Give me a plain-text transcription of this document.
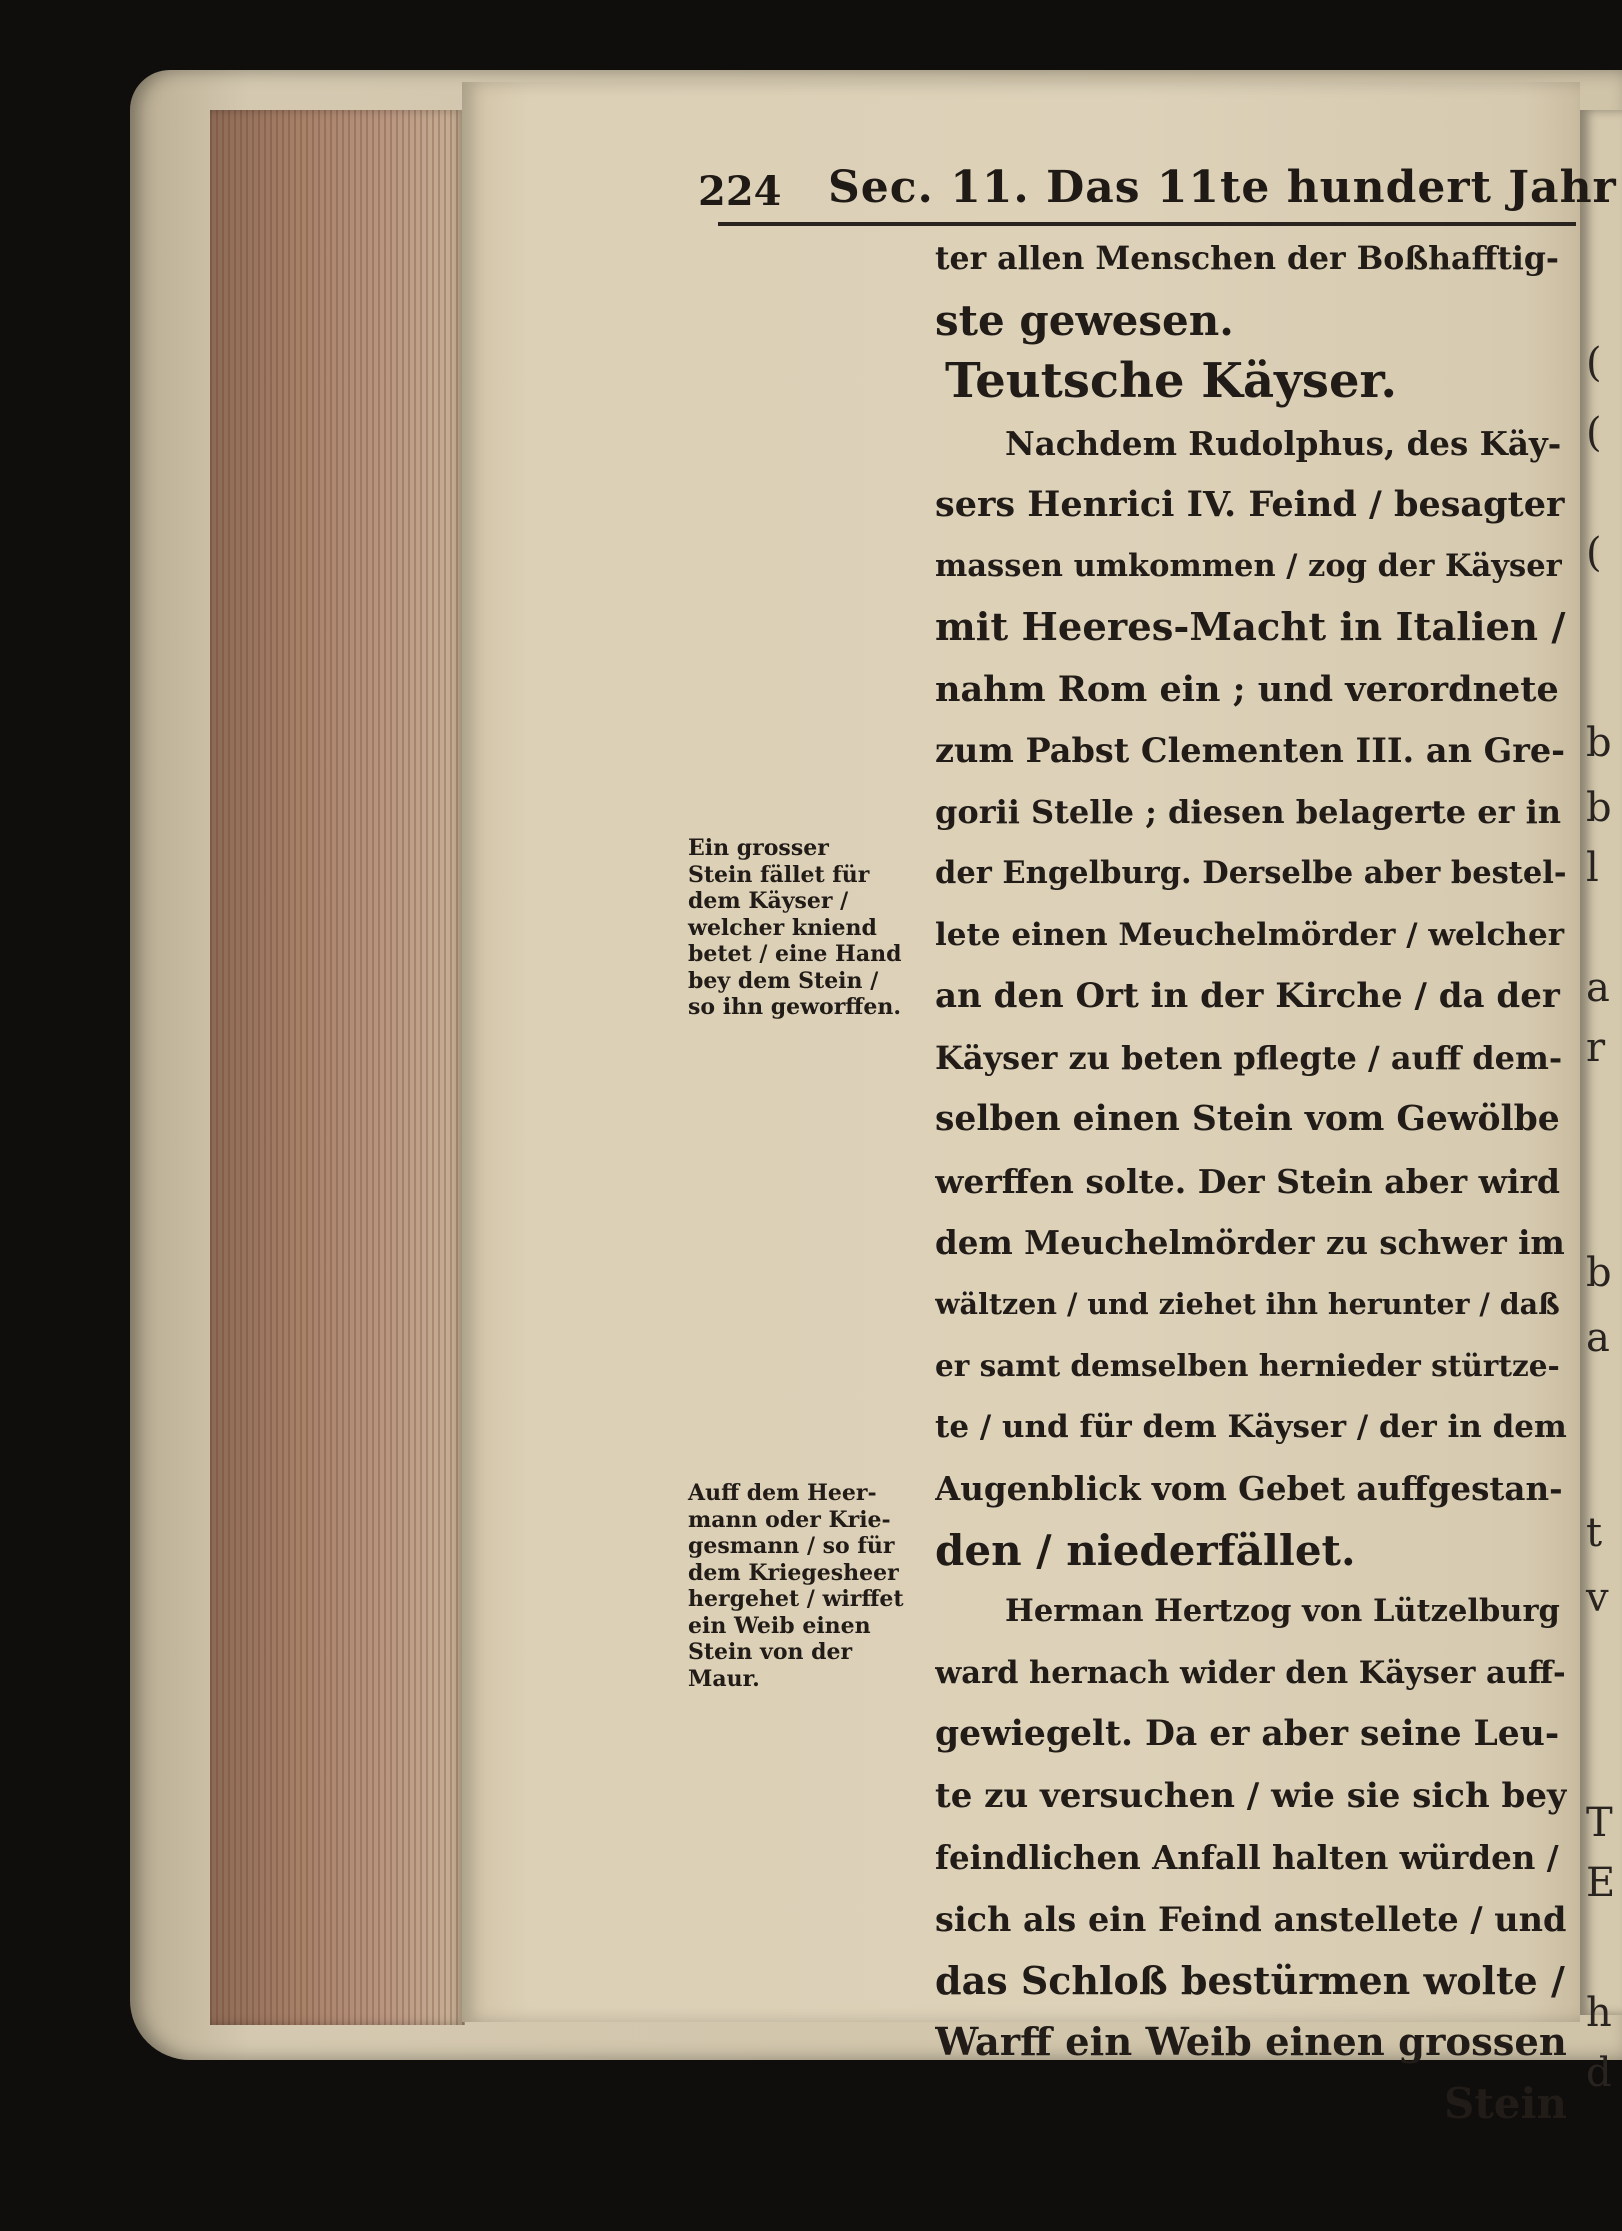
(
(
(
b
b
l
a
r
b
a
t
v
T
E
h
d
224 Sec. 11. Das 11te hundert Jahr
Ein grosser
Stein fället für
dem Käyser /
welcher kniend
betet / eine Hand
bey dem Stein /
so ihn geworffen.
Auff dem Heer-
mann oder Krie-
gesmann / so für
dem Kriegesheer
hergehet / wirffet
ein Weib einen
Stein von der
Maur.
ter allen Menschen der Boßhafftig-
ste gewesen.
Teutsche Käyser.
Nachdem Rudolphus, des Käy-
sers Henrici IV. Feind / besagter
massen umkommen / zog der Käyser
mit Heeres-Macht in Italien /
nahm Rom ein ; und verordnete
zum Pabst Clementen III. an Gre-
gorii Stelle ; diesen belagerte er in
der Engelburg. Derselbe aber bestel-
lete einen Meuchelmörder / welcher
an den Ort in der Kirche / da der
Käyser zu beten pflegte / auff dem-
selben einen Stein vom Gewölbe
werffen solte. Der Stein aber wird
dem Meuchelmörder zu schwer im
wältzen / und ziehet ihn herunter / daß
er samt demselben hernieder stürtze-
te / und für dem Käyser / der in dem
Augenblick vom Gebet auffgestan-
den / niederfället.
Herman Hertzog von Lützelburg
ward hernach wider den Käyser auff-
gewiegelt. Da er aber seine Leu-
te zu versuchen / wie sie sich bey
feindlichen Anfall halten würden /
sich als ein Feind anstellete / und
das Schloß bestürmen wolte /
Warff ein Weib einen grossen
Stein
